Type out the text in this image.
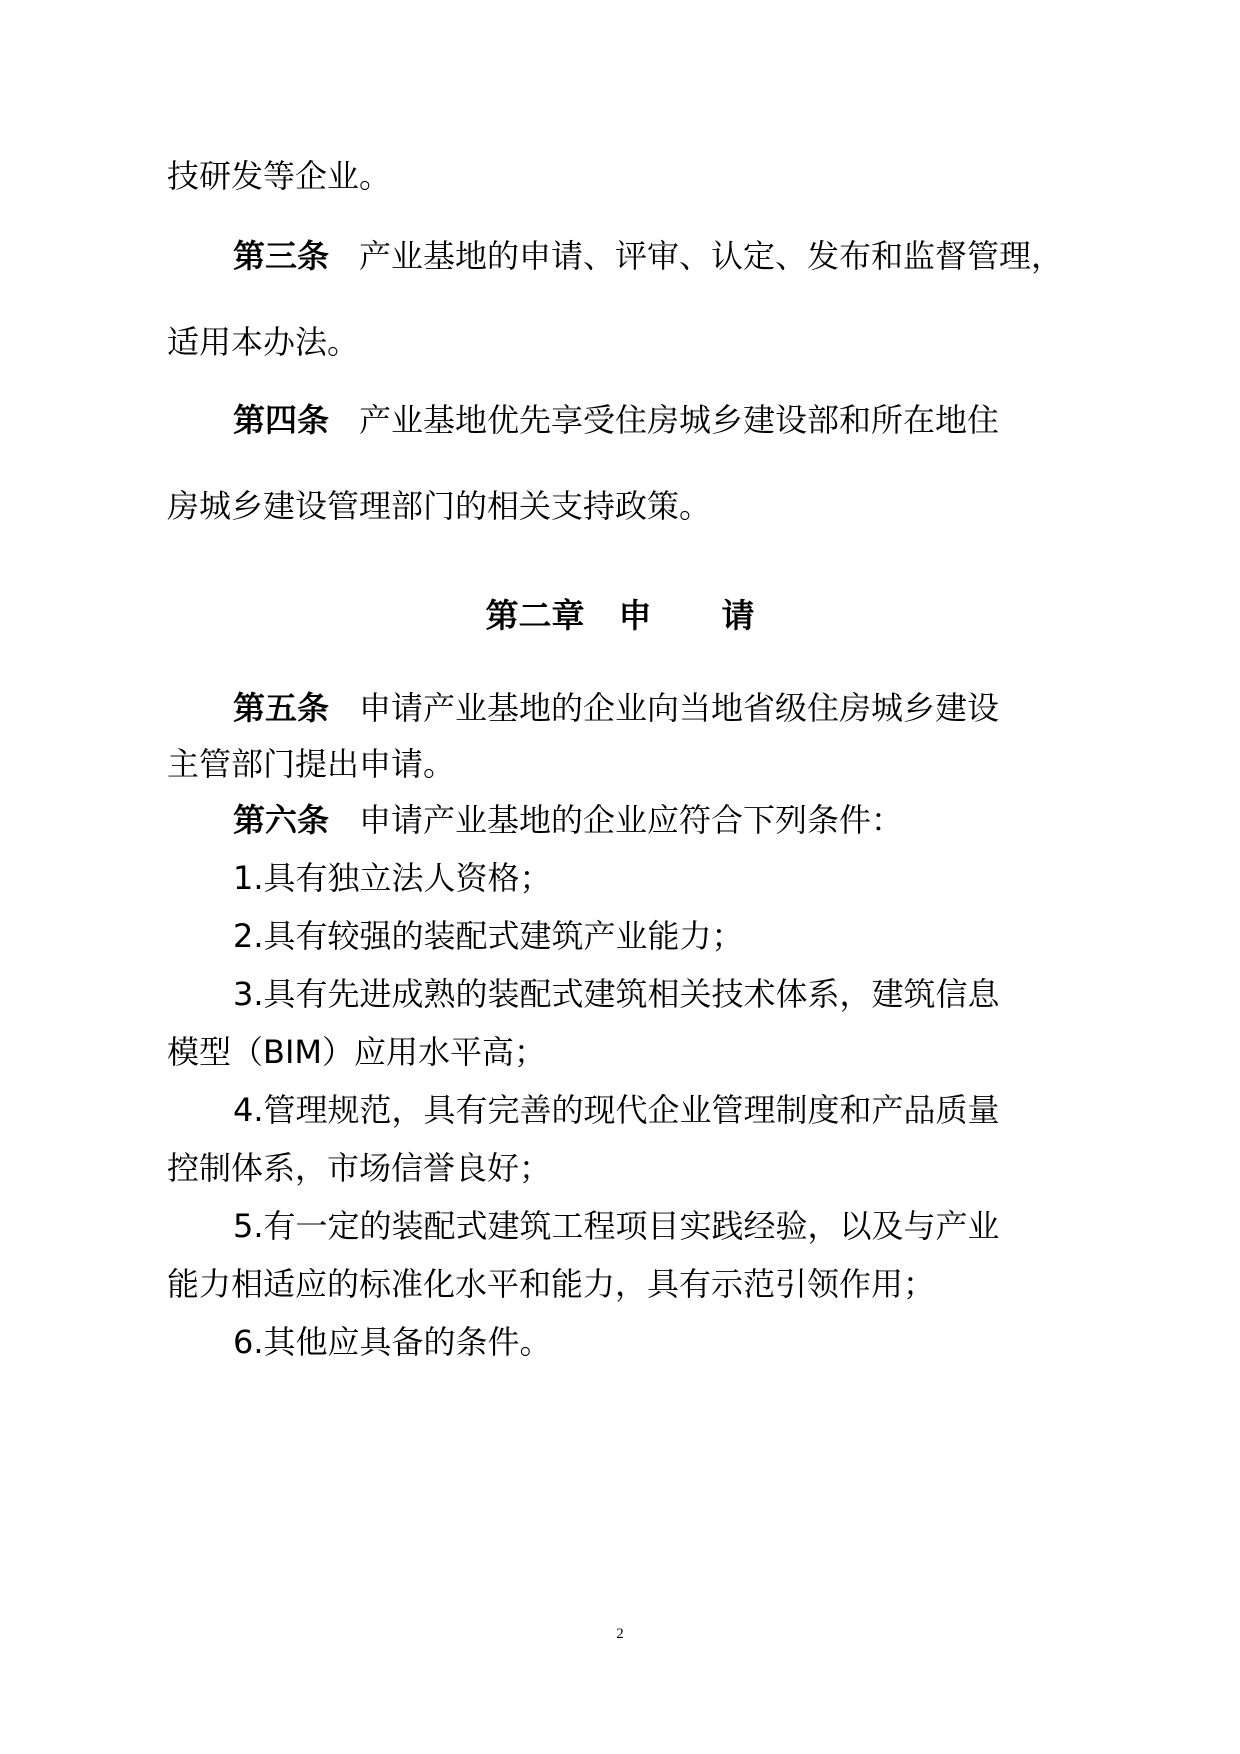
技研发等企业。
第三条 产业基地的申请、评审、认定、发布和监督管理，
适用本办法。
第四条 产业基地优先享受住房城乡建设部和所在地住
房城乡建设管理部门的相关支持政策。
第二章 申 请
第五条 申请产业基地的企业向当地省级住房城乡建设
主管部门提出申请。
第六条 申请产业基地的企业应符合下列条件：
1.具有独立法人资格；
2.具有较强的装配式建筑产业能力；
3.具有先进成熟的装配式建筑相关技术体系，建筑信息
模型（BIM）应用水平高；
4.管理规范，具有完善的现代企业管理制度和产品质量
控制体系，市场信誉良好；
5.有一定的装配式建筑工程项目实践经验，以及与产业
能力相适应的标准化水平和能力，具有示范引领作用；
6.其他应具备的条件。
2
